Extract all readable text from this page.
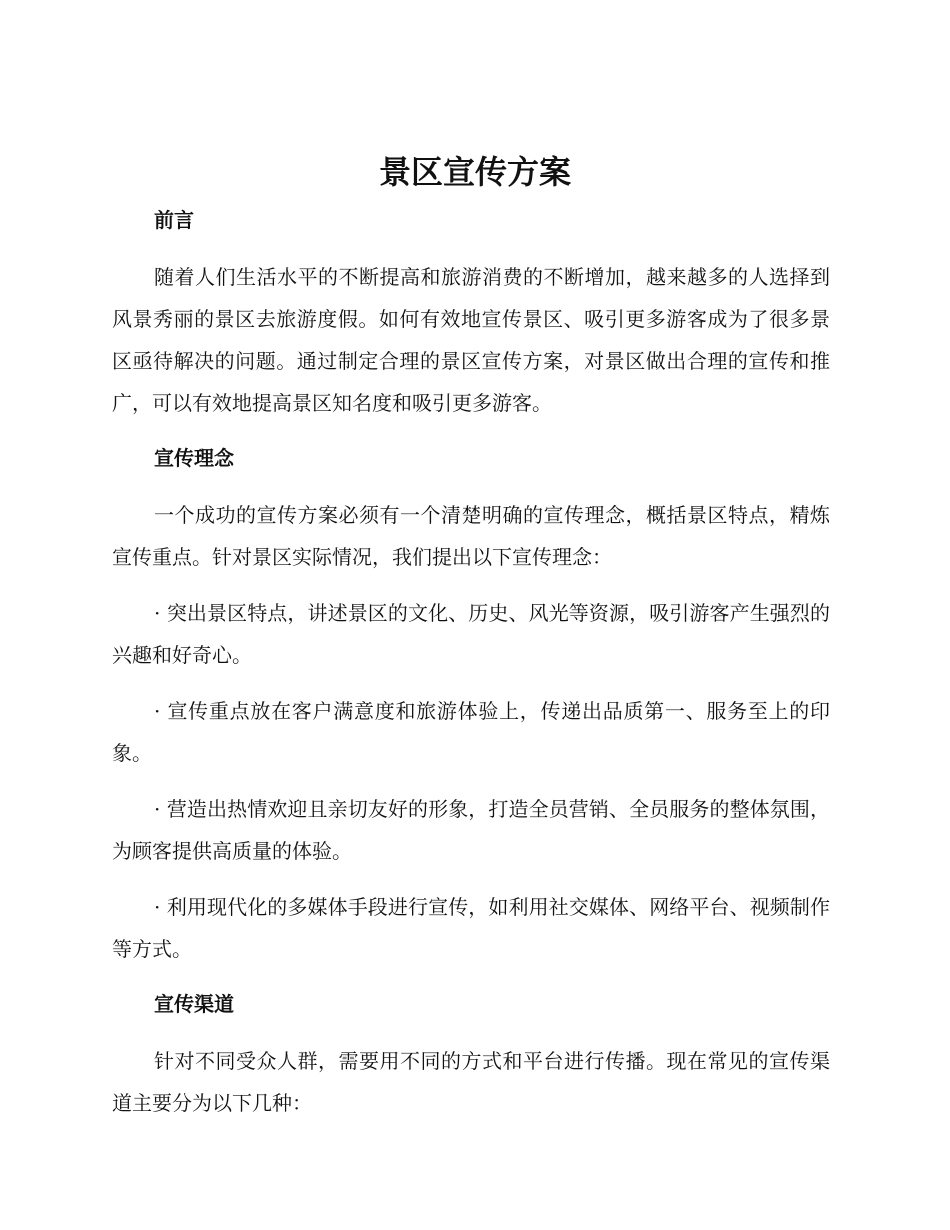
景区宣传方案
前言

随着人们生活水平的不断提高和旅游消费的不断增加，越来越多的人选择到风景秀丽的景区去旅游度假。如何有效地宣传景区、吸引更多游客成为了很多景区亟待解决的问题。通过制定合理的景区宣传方案，对景区做出合理的宣传和推广，可以有效地提高景区知名度和吸引更多游客。

宣传理念

一个成功的宣传方案必须有一个清楚明确的宣传理念，概括景区特点，精炼宣传重点。针对景区实际情况，我们提出以下宣传理念：

· 突出景区特点，讲述景区的文化、历史、风光等资源，吸引游客产生强烈的兴趣和好奇心。

· 宣传重点放在客户满意度和旅游体验上，传递出品质第一、服务至上的印象。

· 营造出热情欢迎且亲切友好的形象，打造全员营销、全员服务的整体氛围，为顾客提供高质量的体验。

· 利用现代化的多媒体手段进行宣传，如利用社交媒体、网络平台、视频制作等方式。

宣传渠道

针对不同受众人群，需要用不同的方式和平台进行传播。现在常见的宣传渠道主要分为以下几种：
